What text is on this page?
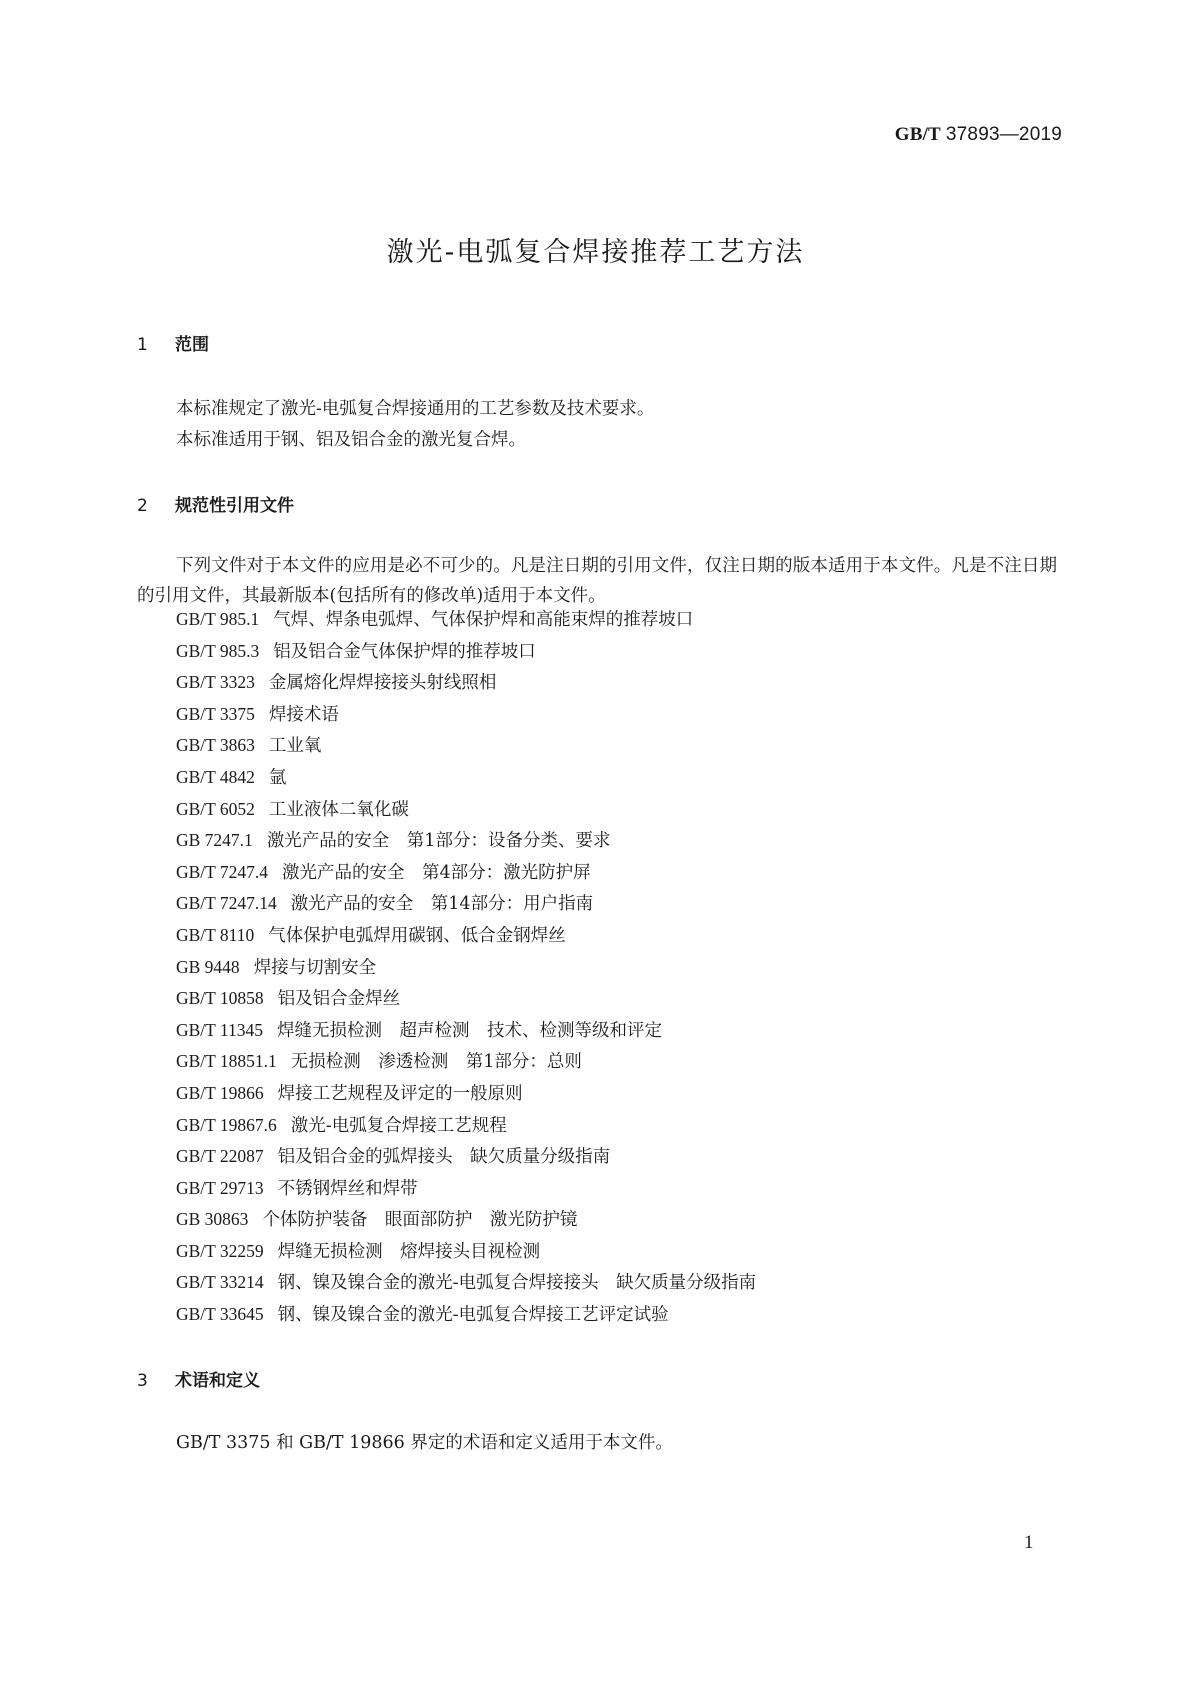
GB/T 37893—2019
激光-电弧复合焊接推荐工艺方法
1 范围
本标准规定了激光-电弧复合焊接通用的工艺参数及技术要求。
本标准适用于钢、铝及铝合金的激光复合焊。
2 规范性引用文件
下列文件对于本文件的应用是必不可少的。凡是注日期的引用文件，仅注日期的版本适用于本文件。凡是不注日期的引用文件，其最新版本(包括所有的修改单)适用于本文件。
GB/T 985.1 气焊、焊条电弧焊、气体保护焊和高能束焊的推荐坡口
GB/T 985.3 铝及铝合金气体保护焊的推荐坡口
GB/T 3323 金属熔化焊焊接接头射线照相
GB/T 3375 焊接术语
GB/T 3863 工业氧
GB/T 4842 氩
GB/T 6052 工业液体二氧化碳
GB 7247.1 激光产品的安全　第1部分：设备分类、要求
GB/T 7247.4 激光产品的安全　第4部分：激光防护屏
GB/T 7247.14 激光产品的安全　第14部分：用户指南
GB/T 8110 气体保护电弧焊用碳钢、低合金钢焊丝
GB 9448 焊接与切割安全
GB/T 10858 铝及铝合金焊丝
GB/T 11345 焊缝无损检测　超声检测　技术、检测等级和评定
GB/T 18851.1 无损检测　渗透检测　第1部分：总则
GB/T 19866 焊接工艺规程及评定的一般原则
GB/T 19867.6 激光-电弧复合焊接工艺规程
GB/T 22087 铝及铝合金的弧焊接头　缺欠质量分级指南
GB/T 29713 不锈钢焊丝和焊带
GB 30863 个体防护装备　眼面部防护　激光防护镜
GB/T 32259 焊缝无损检测　熔焊接头目视检测
GB/T 33214 钢、镍及镍合金的激光-电弧复合焊接接头　缺欠质量分级指南
GB/T 33645 钢、镍及镍合金的激光-电弧复合焊接工艺评定试验
3 术语和定义
GB/T 3375 和 GB/T 19866 界定的术语和定义适用于本文件。
1
